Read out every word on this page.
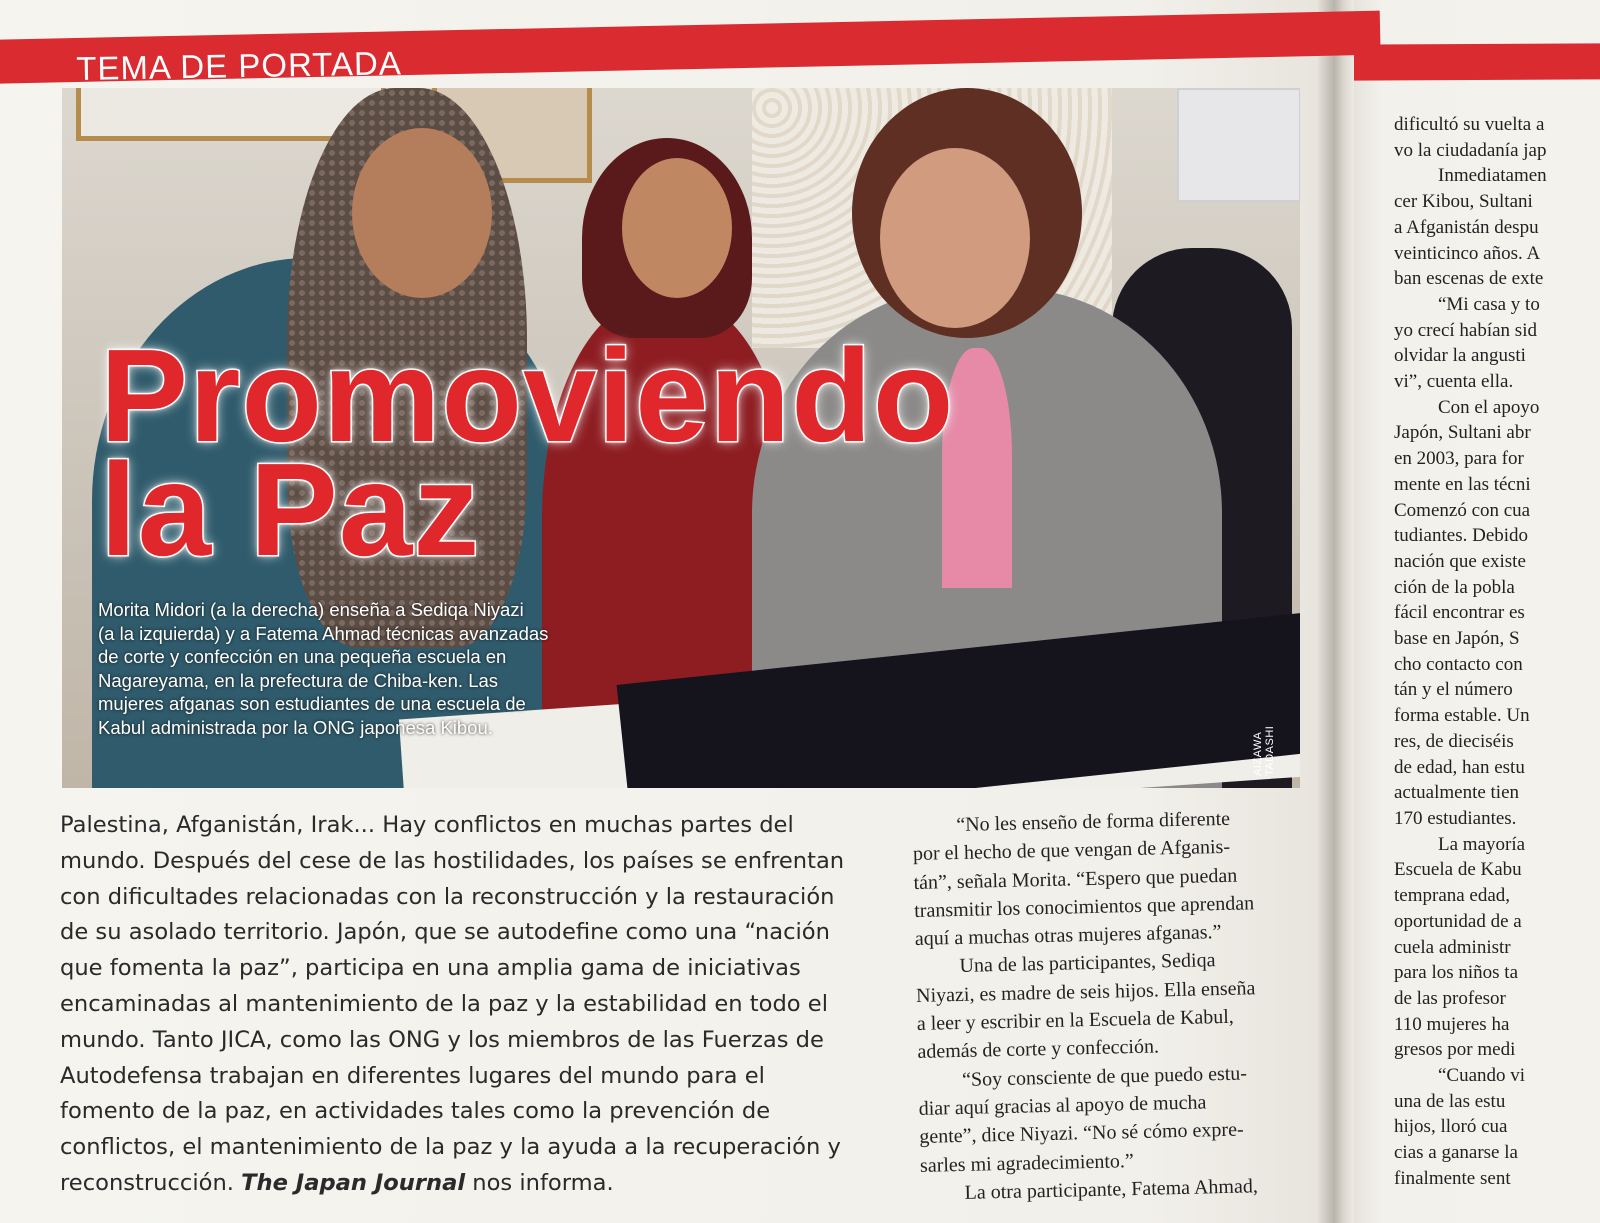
dificultó su vuelta a
vo la ciudadanía jap
Inmediatamen
cer Kibou, Sultani
a Afganistán despu
veinticinco años. A
ban escenas de exte
“Mi casa y to
yo crecí habían sid
olvidar la angusti
vi”, cuenta ella.
Con el apoyo
Japón, Sultani abr
en 2003, para for
mente en las técni
Comenzó con cua
tudiantes. Debido
nación que existe
ción de la pobla
fácil encontrar es
base en Japón, S
cho contacto con
tán y el número
forma estable. Un
res, de dieciséis
de edad, han estu
actualmente tien
170 estudiantes.
La mayoría
Escuela de Kabu
temprana edad,
oportunidad de a
cuela administr
para los niños ta
de las profesor
110 mujeres ha
gresos por medi
“Cuando vi
una de las estu
hijos, lloró cua
cias a ganarse la
finalmente sent
Promoviendo
la Paz
Morita Midori (a la derecha) enseña a Sediqa Niyazi
(a la izquierda) y a Fatema Ahmad técnicas avanzadas
de corte y confección en una pequeña escuela en
Nagareyama, en la prefectura de Chiba-ken. Las
mujeres afganas son estudiantes de una escuela de
Kabul administrada por la ONG japonesa Kibou.
AIZAWA TADASHI
TEMA DE PORTADA
Palestina, Afganistán, Irak... Hay conflictos en muchas partes del
mundo. Después del cese de las hostilidades, los países se enfrentan
con dificultades relacionadas con la reconstrucción y la restauración
de su asolado territorio. Japón, que se autodefine como una “nación
que fomenta la paz”, participa en una amplia gama de iniciativas
encaminadas al mantenimiento de la paz y la estabilidad en todo el
mundo. Tanto JICA, como las ONG y los miembros de las Fuerzas de
Autodefensa trabajan en diferentes lugares del mundo para el
fomento de la paz, en actividades tales como la prevención de
conflictos, el mantenimiento de la paz y la ayuda a la recuperación y
reconstrucción. The Japan Journal nos informa.
“No les enseño de forma diferente
por el hecho de que vengan de Afganis-
tán”, señala Morita. “Espero que puedan
transmitir los conocimientos que aprendan
aquí a muchas otras mujeres afganas.”
Una de las participantes, Sediqa
Niyazi, es madre de seis hijos. Ella enseña
a leer y escribir en la Escuela de Kabul,
además de corte y confección.
“Soy consciente de que puedo estu-
diar aquí gracias al apoyo de mucha
gente”, dice Niyazi. “No sé cómo expre-
sarles mi agradecimiento.”
La otra participante, Fatema Ahmad,
